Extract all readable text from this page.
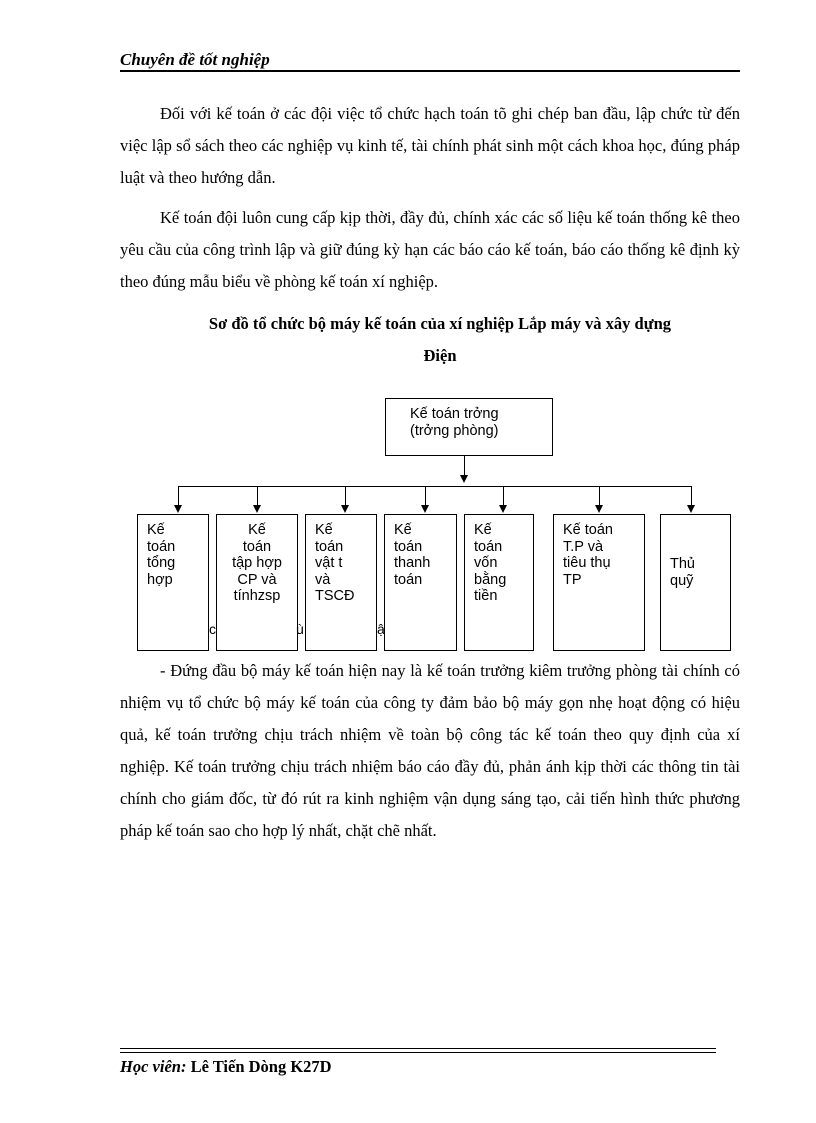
Chuyên đề tốt nghiệp
Đối với kế toán ở các đội việc tổ chức hạch toán tõ ghi chép ban đầu, lập chức từ đến việc lập sổ sách theo các nghiệp vụ kinh tế, tài chính phát sinh một cách khoa học, đúng pháp luật và theo hướng dẫn.
Kế toán đội luôn cung cấp kịp thời, đầy đủ, chính xác các số liệu kế toán thống kê theo yêu cầu của công trình lập và giữ đúng kỳ hạn các báo cáo kế toán, báo cáo thống kê định kỳ theo đúng mẫu biểu về phòng kế toán xí nghiệp.
Sơ đồ tổ chức bộ máy kế toán của xí nghiệp Lắp máy và xây dựng
Điện
Kế toán trởng
(trởng phòng)
Kế
toán
tổng
hợp
Kế
toán
tập hợp
CP và
tínhzsp
Kế
toán
vật t
và
TSCĐ
Kế
toán
thanh
toán
Kế
toán
vốn
bằng
tiền
Kế toán
T.P và
tiêu thụ
TP
Thủ
quỹ
c	ù	ậ
- Đứng đầu bộ máy kế toán hiện nay là kế toán trưởng kiêm trưởng phòng tài chính có nhiệm vụ tổ chức bộ máy kế toán của công ty đảm bảo bộ máy gọn nhẹ hoạt động có hiệu quả, kế toán trưởng chịu trách nhiệm về toàn bộ công tác kế toán theo quy định của xí nghiệp. Kế toán trưởng chịu trách nhiệm báo cáo đầy đủ, phản ánh kịp thời các thông tin tài chính cho giám đốc, từ đó rút ra kinh nghiệm vận dụng sáng tạo, cải tiến hình thức phương pháp kế toán sao cho hợp lý nhất, chặt chẽ nhất.
Học viên: Lê Tiến Dòng K27D
